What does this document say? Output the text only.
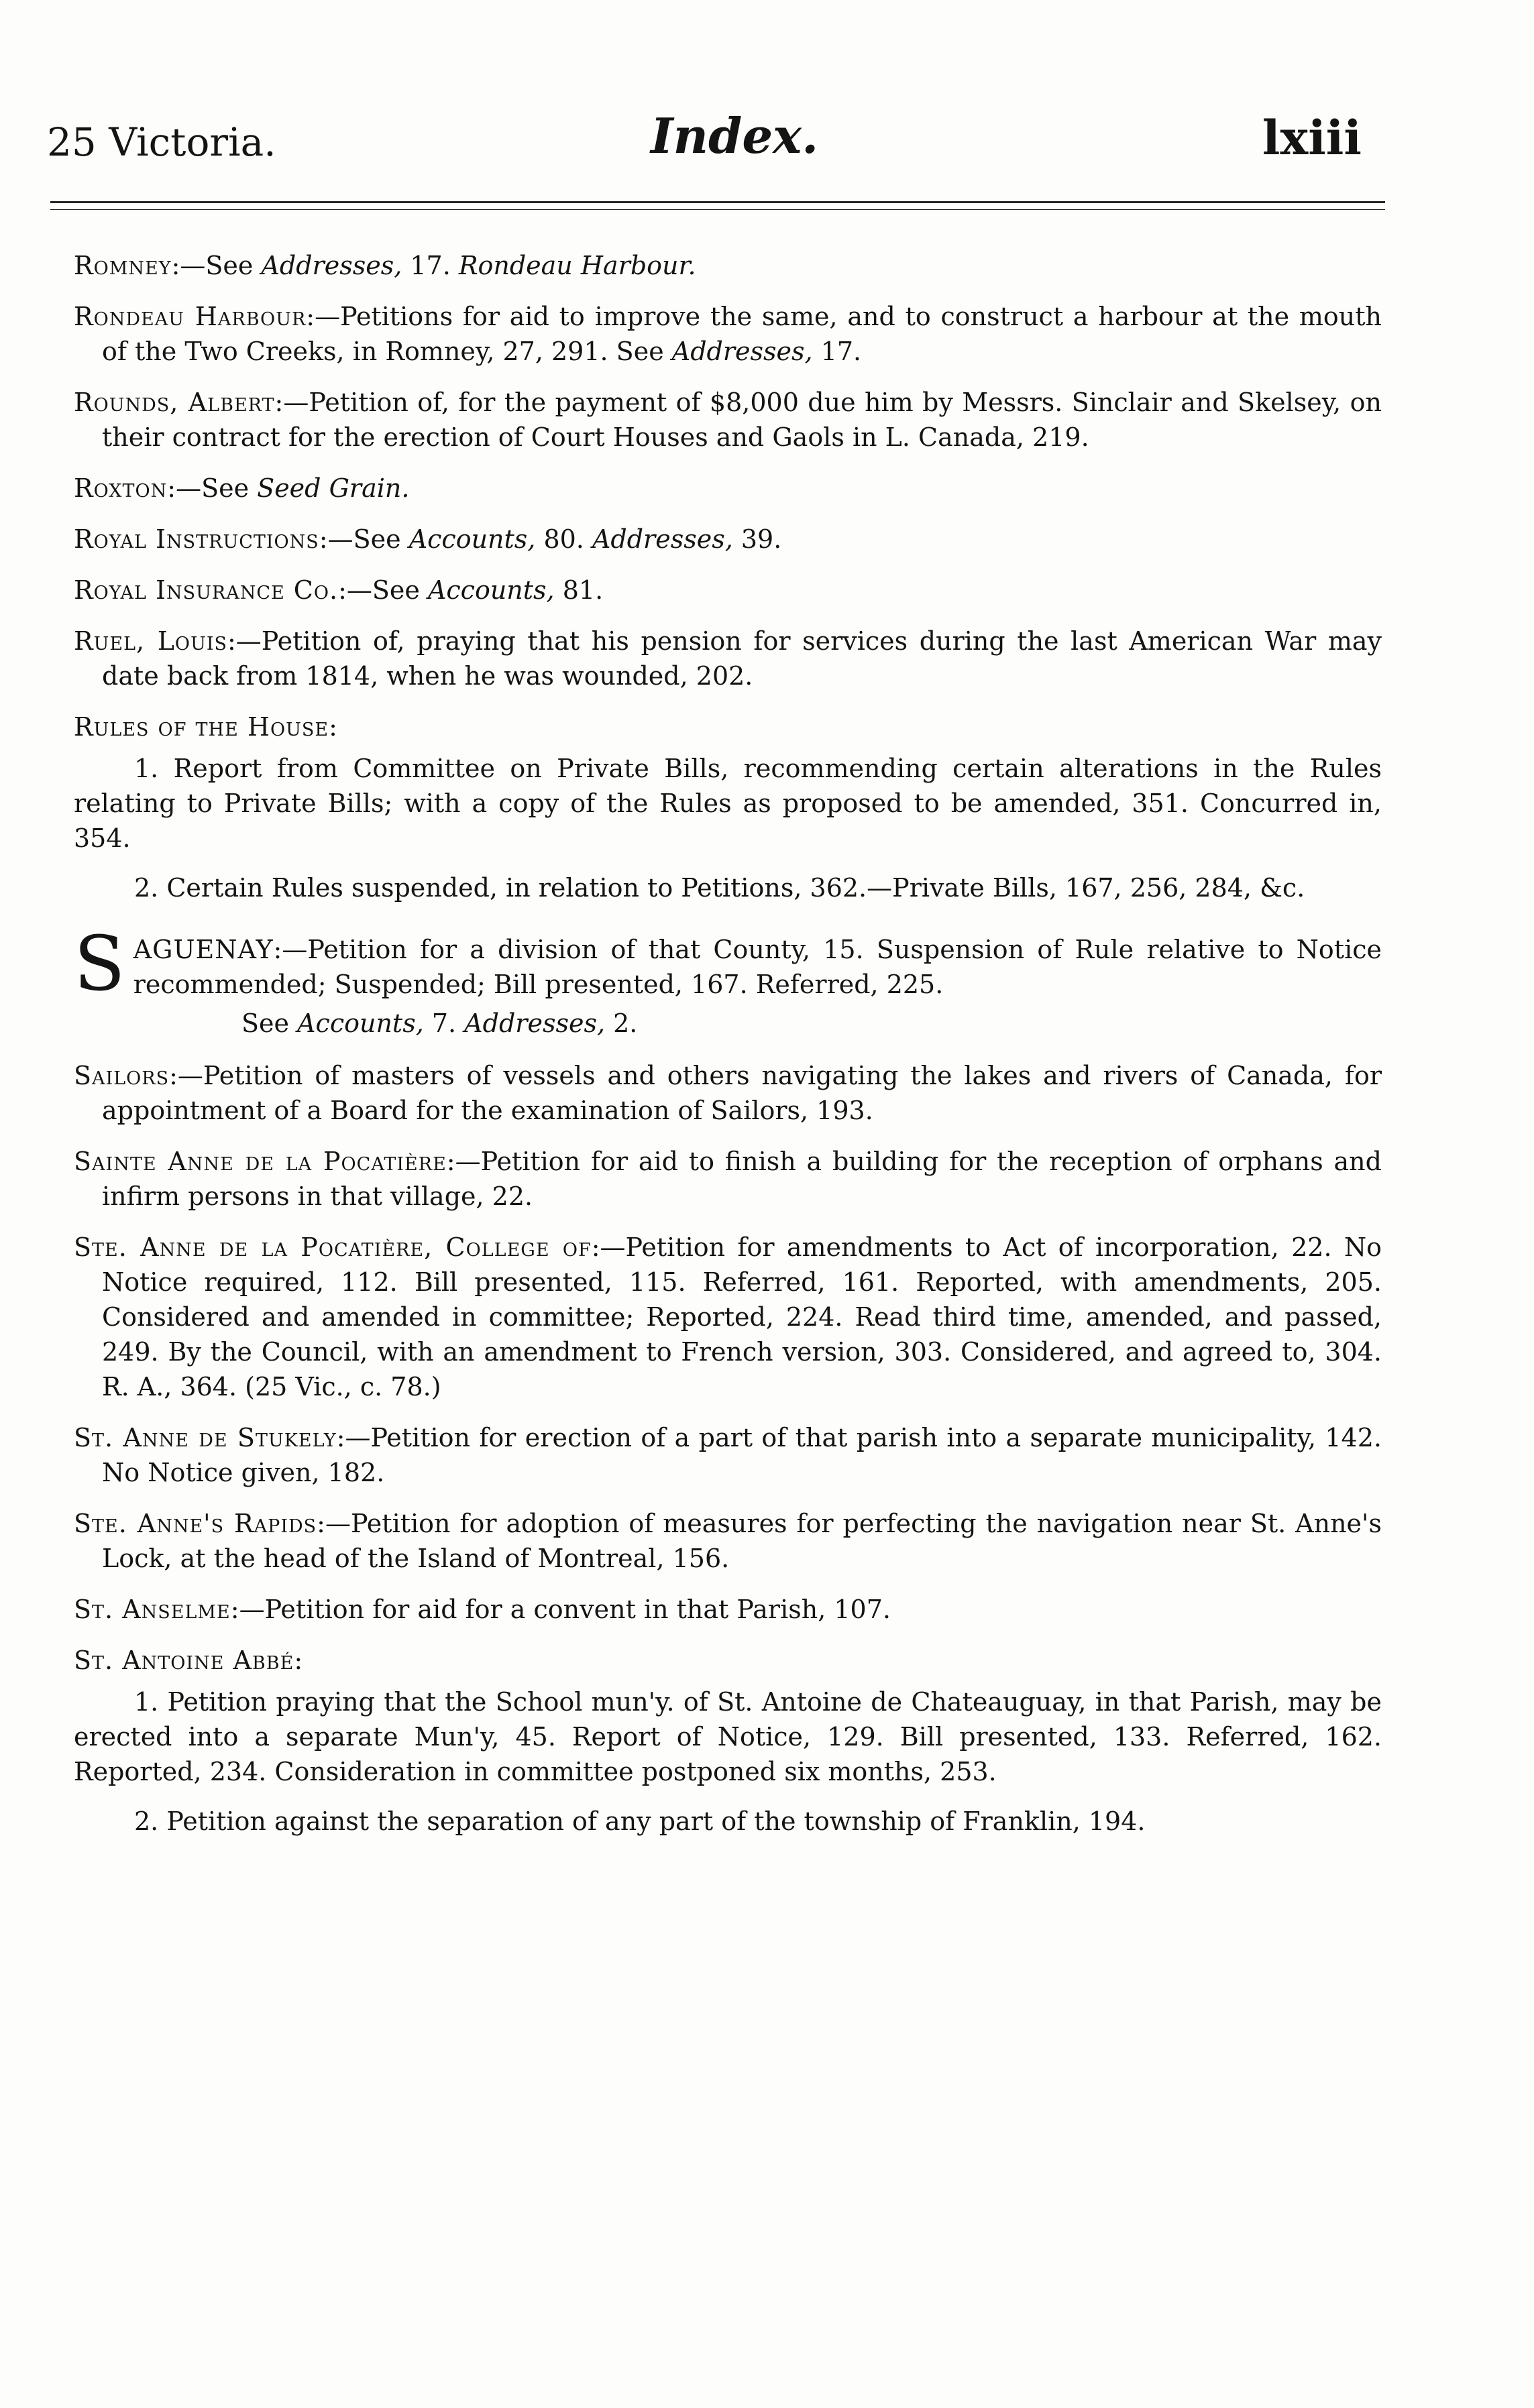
25 Victoria.	Index.	lxiii

Romney:—See Addresses, 17. Rondeau Harbour.

Rondeau Harbour:—Petitions for aid to improve the same, and to construct a harbour at the mouth of the Two Creeks, in Romney, 27, 291. See Addresses, 17.

Rounds, Albert:—Petition of, for the payment of $8,000 due him by Messrs. Sinclair and Skelsey, on their contract for the erection of Court Houses and Gaols in L. Canada, 219.

Roxton:—See Seed Grain.

Royal Instructions:—See Accounts, 80. Addresses, 39.

Royal Insurance Co.:—See Accounts, 81.

Ruel, Louis:—Petition of, praying that his pension for services during the last American War may date back from 1814, when he was wounded, 202.

Rules of the House:

1. Report from Committee on Private Bills, recommending certain alterations in the Rules relating to Private Bills; with a copy of the Rules as proposed to be amended, 351. Concurred in, 354.

2. Certain Rules suspended, in relation to Petitions, 362.—Private Bills, 167, 256, 284, &c.

SAGUENAY:—Petition for a division of that County, 15. Suspension of Rule relative to Notice recommended; Suspended; Bill presented, 167. Referred, 225.

See Accounts, 7. Addresses, 2.

Sailors:—Petition of masters of vessels and others navigating the lakes and rivers of Canada, for appointment of a Board for the examination of Sailors, 193.

Sainte Anne de la Pocatière:—Petition for aid to finish a building for the reception of orphans and infirm persons in that village, 22.

Ste. Anne de la Pocatière, College of:—Petition for amendments to Act of incorporation, 22. No Notice required, 112. Bill presented, 115. Referred, 161. Reported, with amendments, 205. Considered and amended in committee; Reported, 224. Read third time, amended, and passed, 249. By the Council, with an amendment to French version, 303. Considered, and agreed to, 304. R. A., 364. (25 Vic., c. 78.)

St. Anne de Stukely:—Petition for erection of a part of that parish into a separate municipality, 142. No Notice given, 182.

Ste. Anne's Rapids:—Petition for adoption of measures for perfecting the navigation near St. Anne's Lock, at the head of the Island of Montreal, 156.

St. Anselme:—Petition for aid for a convent in that Parish, 107.

St. Antoine Abbé:

1. Petition praying that the School mun'y. of St. Antoine de Chateauguay, in that Parish, may be erected into a separate Mun'y, 45. Report of Notice, 129. Bill presented, 133. Referred, 162. Reported, 234. Consideration in committee postponed six months, 253.

2. Petition against the separation of any part of the township of Franklin, 194.
